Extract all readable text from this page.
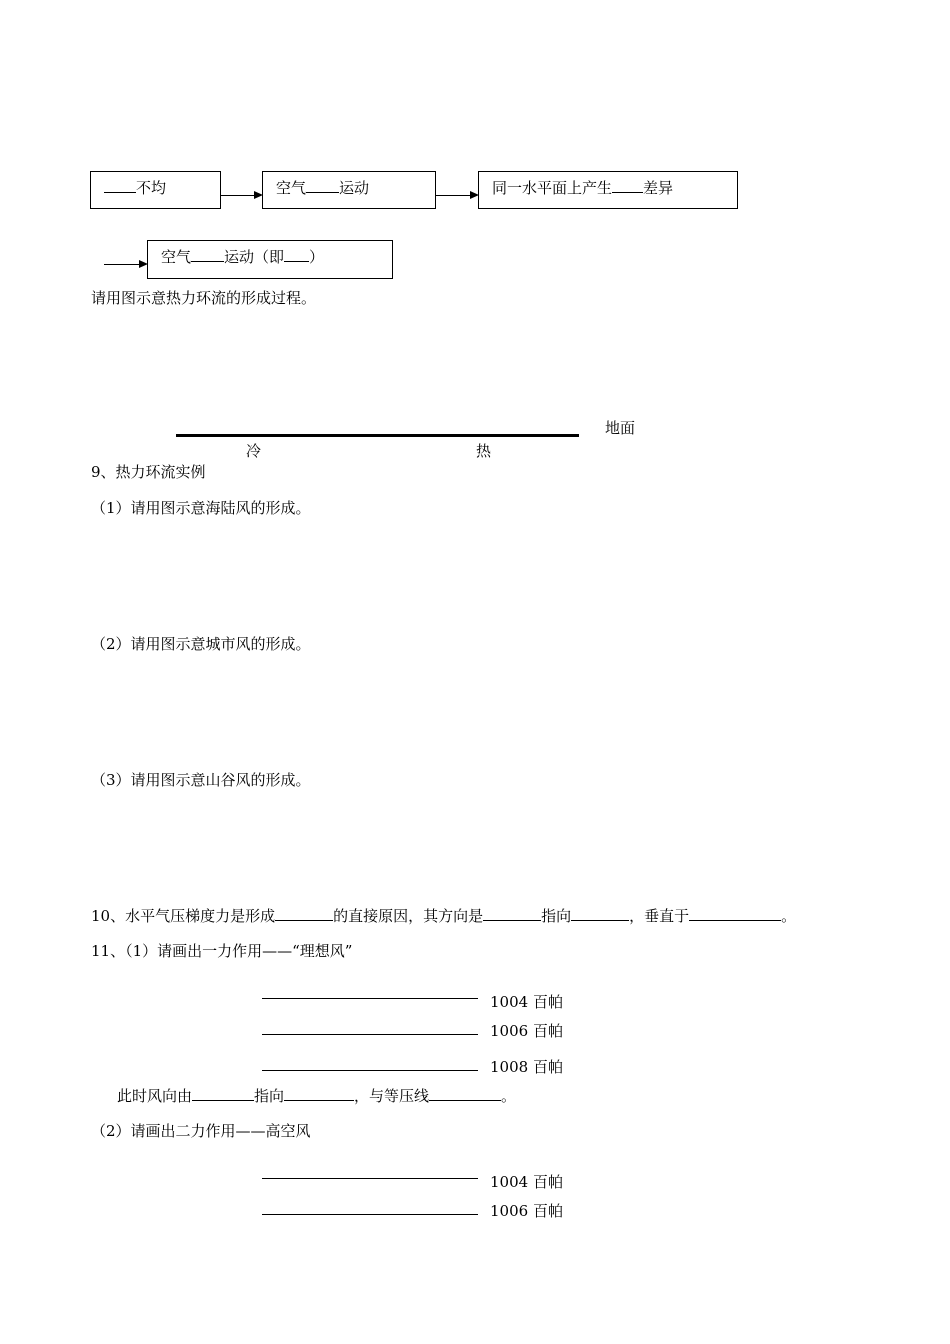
不均	空气 运动	同一水平面上产生 差异
空气 运动（即 ）
请用图示意热力环流的形成过程。
地面
冷	热
9、热力环流实例
（1）请用图示意海陆风的形成。
（2）请用图示意城市风的形成。
（3）请用图示意山谷风的形成。
10、水平气压梯度力是形成	的直接原因，其方向是	指向	，垂直于	。
11、（1）请画出一力作用——“理想风”
1004 百帕
1006 百帕
1008 百帕
此时风向由	指向	，与等压线	。
（2）请画出二力作用——高空风
1004 百帕
1006 百帕
